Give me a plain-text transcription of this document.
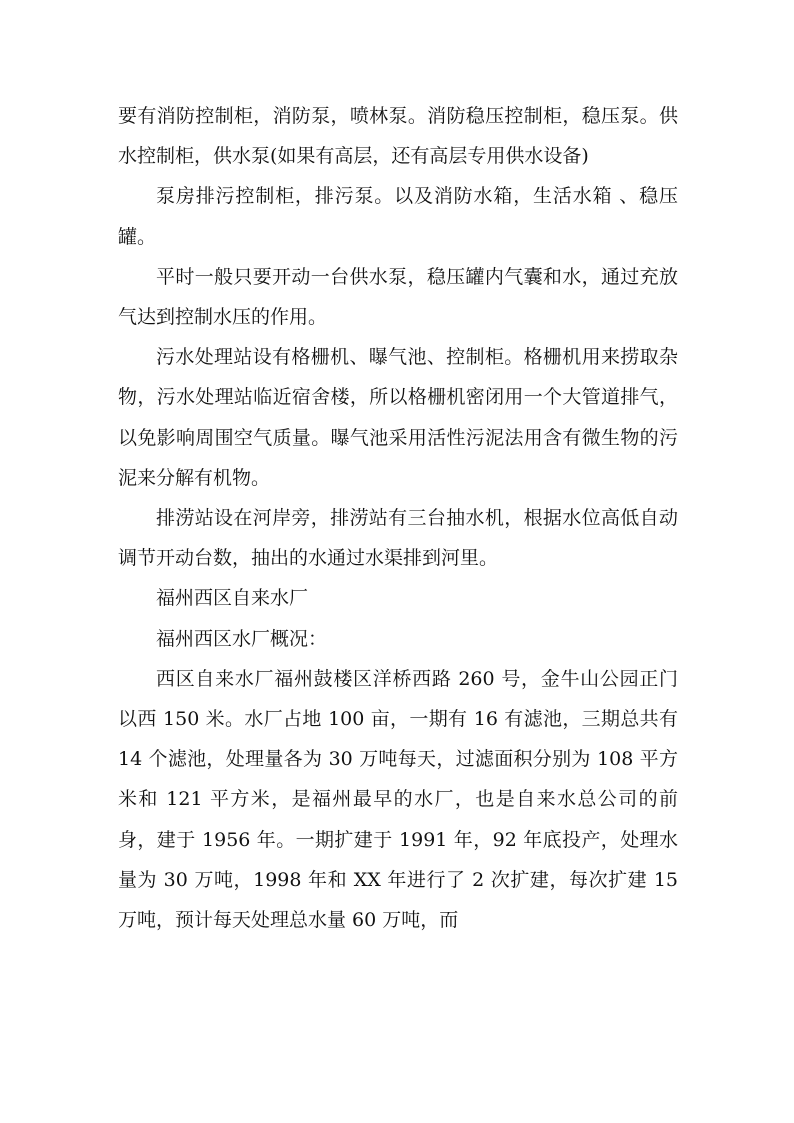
要有消防控制柜，消防泵，喷林泵。消防稳压控制柜，稳压泵。供水控制柜，供水泵(如果有高层，还有高层专用供水设备)

泵房排污控制柜，排污泵。以及消防水箱，生活水箱 、稳压罐。

平时一般只要开动一台供水泵，稳压罐内气囊和水，通过充放气达到控制水压的作用。

污水处理站设有格栅机、曝气池、控制柜。格栅机用来捞取杂物，污水处理站临近宿舍楼，所以格栅机密闭用一个大管道排气，以免影响周围空气质量。曝气池采用活性污泥法用含有微生物的污泥来分解有机物。

排涝站设在河岸旁，排涝站有三台抽水机，根据水位高低自动调节开动台数，抽出的水通过水渠排到河里。

福州西区自来水厂

福州西区水厂概况：

西区自来水厂福州鼓楼区洋桥西路 260 号，金牛山公园正门以西 150 米。水厂占地 100 亩，一期有 16 有滤池，三期总共有 14 个滤池，处理量各为 30 万吨每天，过滤面积分别为 108 平方米和 121 平方米，是福州最早的水厂，也是自来水总公司的前身，建于 1956 年。一期扩建于 1991 年，92 年底投产，处理水量为 30 万吨，1998 年和 XX 年进行了 2 次扩建，每次扩建 15 万吨，预计每天处理总水量 60 万吨，而
